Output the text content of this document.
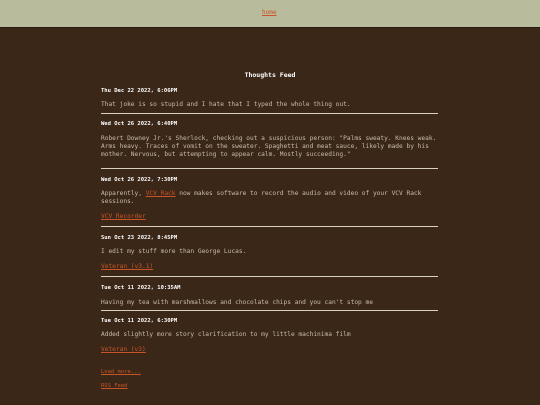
home
Thoughts Feed
Thu Dec 22 2022, 6:06PM
That joke is so stupid and I hate that I typed the whole thing out.
Wed Oct 26 2022, 6:40PM
Robert Downey Jr.'s Sherlock, checking out a suspicious person: "Palms sweaty. Knees weak. Arms heavy. Traces of vomit on the sweater. Spaghetti and meat sauce, likely made by his mother. Nervous, but attempting to appear calm. Mostly succeeding."
Wed Oct 26 2022, 7:30PM
Apparently, VCV Rack now makes software to record the audio and video of your VCV Rack sessions.
VCV Recorder
Sun Oct 23 2022, 8:45PM
I edit my stuff more than George Lucas.
Veteran (v3.1)
Tue Oct 11 2022, 10:35AM
Having my tea with marshmallows and chocolate chips and you can't stop me
Tue Oct 11 2022, 6:30PM
Added slightly more story clarification to my little machinima film
Veteran (v3)
Load more...
RSS Feed
